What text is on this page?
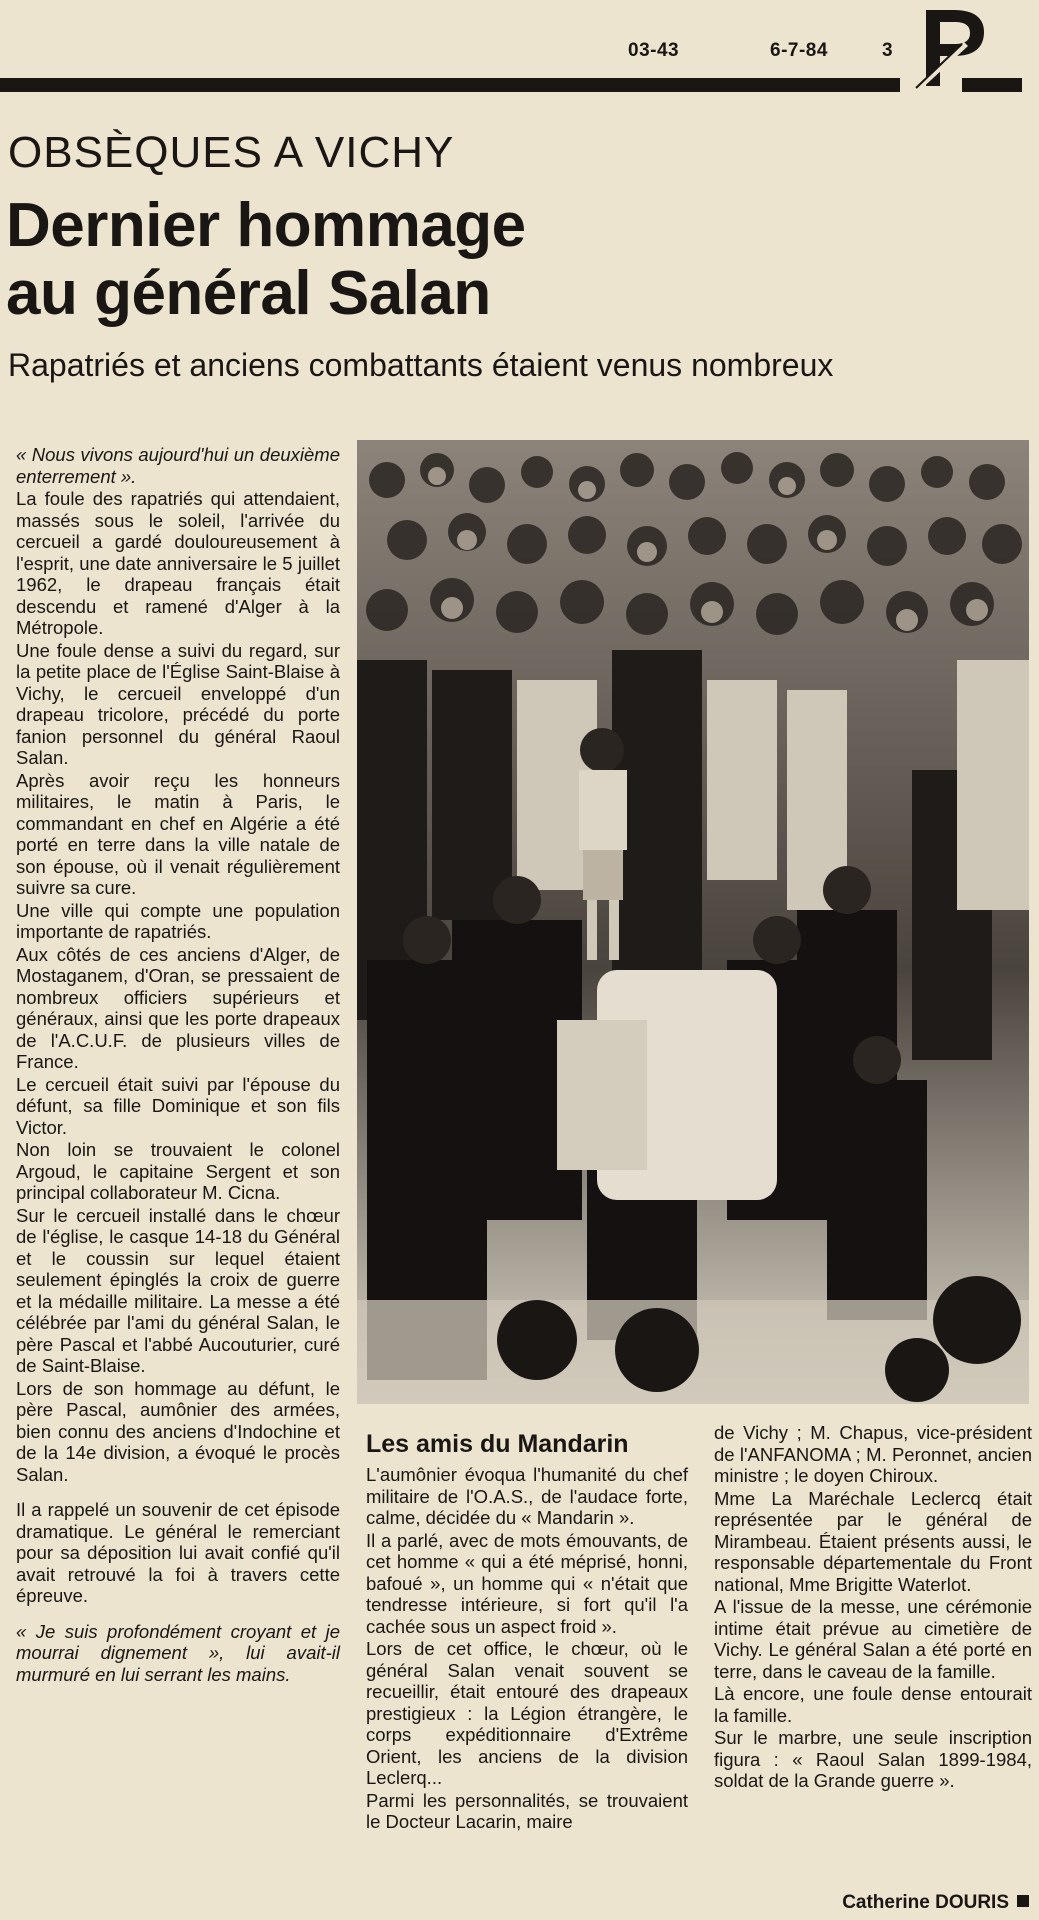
03-43	6-7-84	3
OBSÈQUES A VICHY
Dernier hommage
au général Salan

Rapatriés et anciens combattants étaient venus nombreux

« Nous vivons aujourd'hui un deuxième enterrement ».

La foule des rapatriés qui attendaient, massés sous le soleil, l'arrivée du cercueil a gardé douloureusement à l'esprit, une date anniversaire le 5 juillet 1962, le drapeau français était descendu et ramené d'Alger à la Métropole.

Une foule dense a suivi du regard, sur la petite place de l'Église Saint-Blaise à Vichy, le cercueil enveloppé d'un drapeau tricolore, précédé du porte fanion personnel du général Raoul Salan.

Après avoir reçu les honneurs militaires, le matin à Paris, le commandant en chef en Algérie a été porté en terre dans la ville natale de son épouse, où il venait régulièrement suivre sa cure.

Une ville qui compte une population importante de rapatriés.

Aux côtés de ces anciens d'Alger, de Mostaganem, d'Oran, se pressaient de nombreux officiers supérieurs et généraux, ainsi que les porte drapeaux de l'A.C.U.F. de plusieurs villes de France.

Le cercueil était suivi par l'épouse du défunt, sa fille Dominique et son fils Victor.

Non loin se trouvaient le colonel Argoud, le capitaine Sergent et son principal collaborateur M. Cicna.

Sur le cercueil installé dans le chœur de l'église, le casque 14-18 du Général et le coussin sur lequel étaient seulement épinglés la croix de guerre et la médaille militaire. La messe a été célébrée par l'ami du général Salan, le père Pascal et l'abbé Aucouturier, curé de Saint-Blaise.

Lors de son hommage au défunt, le père Pascal, aumônier des armées, bien connu des anciens d'Indochine et de la 14e division, a évoqué le procès Salan.

Il a rappelé un souvenir de cet épisode dramatique. Le général le remerciant pour sa déposition lui avait confié qu'il avait retrouvé la foi à travers cette épreuve.

« Je suis profondément croyant et je mourrai dignement », lui avait-il murmuré en lui serrant les mains.

Les amis du Mandarin

L'aumônier évoqua l'humanité du chef militaire de l'O.A.S., de l'audace forte, calme, décidée du « Mandarin ».

Il a parlé, avec de mots émouvants, de cet homme « qui a été méprisé, honni, bafoué », un homme qui « n'était que tendresse intérieure, si fort qu'il l'a cachée sous un aspect froid ».

Lors de cet office, le chœur, où le général Salan venait souvent se recueillir, était entouré des drapeaux prestigieux : la Légion étrangère, le corps expéditionnaire d'Extrême Orient, les anciens de la division Leclerq...

Parmi les personnalités, se trouvaient le Docteur Lacarin, maire

de Vichy ; M. Chapus, vice-président de l'ANFANOMA ; M. Peronnet, ancien ministre ; le doyen Chiroux.

Mme La Maréchale Leclercq était représentée par le général de Mirambeau. Étaient présents aussi, le responsable départementale du Front national, Mme Brigitte Waterlot.

A l'issue de la messe, une cérémonie intime était prévue au cimetière de Vichy. Le général Salan a été porté en terre, dans le caveau de la famille.

Là encore, une foule dense entourait la famille.

Sur le marbre, une seule inscription figura : « Raoul Salan 1899-1984, soldat de la Grande guerre ».

Catherine DOURIS
